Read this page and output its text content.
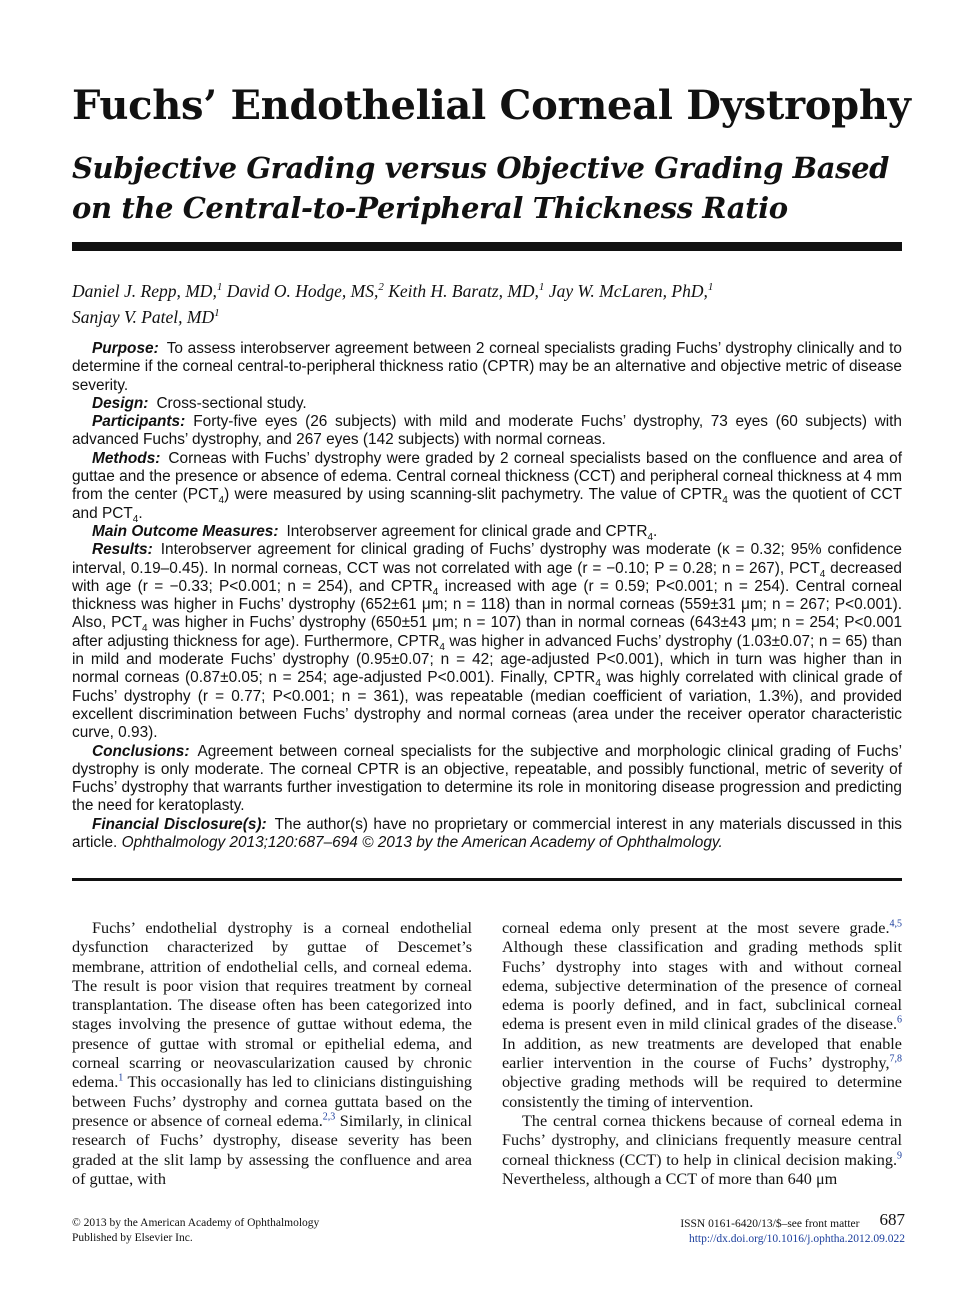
Fuchs’ Endothelial Corneal Dystrophy
Subjective Grading versus Objective Grading Based on the Central-to-Peripheral Thickness Ratio
Daniel J. Repp, MD,$^1$ David O. Hodge, MS,$^2$ Keith H. Baratz, MD,$^1$ Jay W. McLaren, PhD,$^1$
Sanjay V. Patel, $MD^1$

Purpose: To assess interobserver agreement between 2 corneal specialists grading Fuchs’ dystrophy clinically and to determine if the corneal central-to-peripheral thickness ratio (CPTR) may be an alternative and objective metric of disease severity.

Design: Cross-sectional study.

Participants: Forty-five eyes (26 subjects) with mild and moderate Fuchs’ dystrophy, 73 eyes (60 subjects) with advanced Fuchs’ dystrophy, and 267 eyes (142 subjects) with normal corneas.

Methods: Corneas with Fuchs’ dystrophy were graded by 2 corneal specialists based on the confluence and area of guttae and the presence or absence of edema. Central corneal thickness (CCT) and peripheral corneal thickness at 4 mm from the center $(PCT_4)$ were measured by using scanning-slit pachymetry. The value of $CPTR_4$ was the quotient of CCT and $PCT_4$.

Main Outcome Measures: Interobserver agreement for clinical grade and $CPTR_4$.

Results: Interobserver agreement for clinical grading of Fuchs’ dystrophy was moderate (κ = 0.32; 95% confidence interval, 0.19–0.45). In normal corneas, CCT was not correlated with age (r = −0.10; P = 0.28; n = 267), $PCT_4$ decreased with age (r = −0.33; P<0.001; n = 254), and $CPTR_4$ increased with age (r = 0.59; P<0.001; n = 254). Central corneal thickness was higher in Fuchs’ dystrophy (652±61 μm; n = 118) than in normal corneas (559±31 μm; n = 267; P<0.001). Also, $PCT_4$ was higher in Fuchs’ dystrophy (650±51 μm; n = 107) than in normal corneas (643±43 μm; n = 254; P<0.001 after adjusting thickness for age). Furthermore, $CPTR_4$ was higher in advanced Fuchs’ dystrophy (1.03±0.07; n = 65) than in mild and moderate Fuchs’ dystrophy (0.95±0.07; n = 42; age-adjusted P<0.001), which in turn was higher than in normal corneas (0.87±0.05; n = 254; age-adjusted P<0.001). Finally, $CPTR_4$ was highly correlated with clinical grade of Fuchs’ dystrophy (r = 0.77; P<0.001; n = 361), was repeatable (median coefficient of variation, 1.3%), and provided excellent discrimination between Fuchs’ dystrophy and normal corneas (area under the receiver operator characteristic curve, 0.93).

Conclusions: Agreement between corneal specialists for the subjective and morphologic clinical grading of Fuchs’ dystrophy is only moderate. The corneal CPTR is an objective, repeatable, and possibly functional, metric of severity of Fuchs’ dystrophy that warrants further investigation to determine its role in monitoring disease progression and predicting the need for keratoplasty.

Financial Disclosure(s): The author(s) have no proprietary or commercial interest in any materials discussed in this article. Ophthalmology 2013;120:687–694 © 2013 by the American Academy of Ophthalmology.

Fuchs’ endothelial dystrophy is a corneal endothelial dysfunction characterized by guttae of Descemet’s membrane, attrition of endothelial cells, and corneal edema. The result is poor vision that requires treatment by corneal transplantation. The disease often has been categorized into stages involving the presence of guttae without edema, the presence of guttae with stromal or epithelial edema, and corneal scarring or neovascularization caused by chronic edema.$^1$ This occasionally has led to clinicians distinguishing between Fuchs’ dystrophy and cornea guttata based on the presence or absence of corneal edema.$^{2,3}$ Similarly, in clinical research of Fuchs’ dystrophy, disease severity has been graded at the slit lamp by assessing the confluence and area of guttae, with

corneal edema only present at the most severe grade.$^{4,5}$ Although these classification and grading methods split Fuchs’ dystrophy into stages with and without corneal edema, subjective determination of the presence of corneal edema is poorly defined, and in fact, subclinical corneal edema is present even in mild clinical grades of the disease.$^6$ In addition, as new treatments are developed that enable earlier intervention in the course of Fuchs’ dystrophy,$^{7,8}$ objective grading methods will be required to determine consistently the timing of intervention.

The central cornea thickens because of corneal edema in Fuchs’ dystrophy, and clinicians frequently measure central corneal thickness (CCT) to help in clinical decision making.$^9$ Nevertheless, although a CCT of more than 640 μm

© 2013 by the American Academy of Ophthalmology
Published by Elsevier Inc.
ISSN 0161-6420/13/$–see front matter 687
http://dx.doi.org/10.1016/j.ophtha.2012.09.022
